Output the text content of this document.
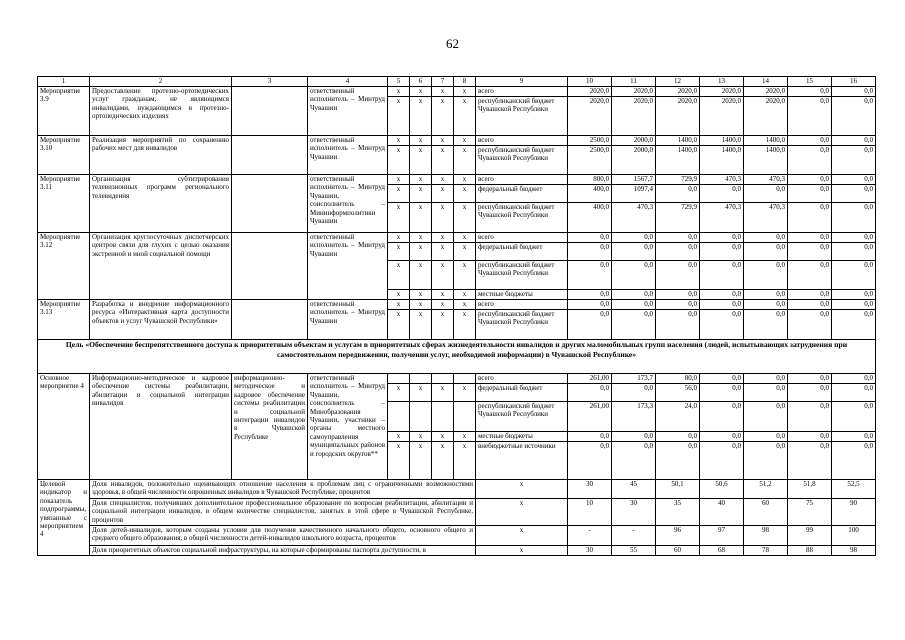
62
1	2	3	4	5	6	7	8	9	10	11	12	13	14	15	16
Мероприятие 3.9	Предоставление протезно-ортопедических услуг гражданам, не являющимся инвалидами, нуждающимся в протезно-ортопедических изделиях		ответственный исполнитель – Минтруд Чувашии	x	x	x	x	всего	2020,0	2020,0	2020,0	2020,0	2020,0	0,0	0,0
				x	x	x	x	республиканский бюджет Чувашской Республики	2020,0	2020,0	2020,0	2020,0	2020,0	0,0	0,0
Мероприятие 3.10	Реализация мероприятий по сохранению рабочих мест для инвалидов		ответственный исполнитель – Минтруд Чувашии	x	x	x	x	всего	2500,0	2000,0	1400,0	1400,0	1400,0	0,0	0,0
				x	x	x	x	республиканский бюджет Чувашской Республики	2500,0	2000,0	1400,0	1400,0	1400,0	0,0	0,0
Мероприятие 3.11	Организация субтитрирования телевизионных программ регионального телевидения		ответственный исполнитель – Минтруд Чувашии, соисполнитель – Мининформполитики Чувашии	x	x	x	x	всего	800,0	1567,7	729,9	470,3	470,3	0,0	0,0
				x	x	x	x	федеральный бюджет	400,0	1097,4	0,0	0,0	0,0	0,0	0,0
				x	x	x	x	республиканский бюджет Чувашской Республики	400,0	470,3	729,9	470,3	470,3	0,0	0,0
Мероприятие 3.12	Организация круглосуточных диспетчерских центров связи для глухих с целью оказания экстренной и иной социальной помощи		ответственный исполнитель – Минтруд Чувашии	x	x	x	x	всего	0,0	0,0	0,0	0,0	0,0	0,0	0,0
				x	x	x	x	федеральный бюджет	0,0	0,0	0,0	0,0	0,0	0,0	0,0
				x	x	x	x	республиканский бюджет Чувашской Республики	0,0	0,0	0,0	0,0	0,0	0,0	0,0
				x	x	x	x	местные бюджеты	0,0	0,0	0,0	0,0	0,0	0,0	0,0
Мероприятие 3.13	Разработка и внедрение информационного ресурса «Интерактивная карта доступности объектов и услуг Чувашской Республики»		ответственный исполнитель – Минтруд Чувашии	x	x	x	x	всего	0,0	0,0	0,0	0,0	0,0	0,0	0,0
				x	x	x	x	республиканский бюджет Чувашской Республики	0,0	0,0	0,0	0,0	0,0	0,0	0,0
Цель «Обеспечение беспрепятственного доступа к приоритетным объектам и услугам в приоритетных сферах жизнедеятельности инвалидов и других маломобильных групп населения (людей, испытывающих затруднения при самостоятельном передвижении, получении услуг, необходимой информации) в Чувашской Республике»															
Основное мероприятие 4	Информационно-методическое и кадровое обеспечение системы реабилитации, абилитации и социальной интеграции инвалидов	информационно-методическое и кадровое обеспечение системы реабилитации и социальной интеграции инвалидов в Чувашской Республике	ответственный исполнитель – Минтруд Чувашии, соисполнитель – Минобразования Чувашии, участники – органы местного самоуправления муниципальных районов и городских округов**					всего	261,00	173,7	80,0	0,0	0,0	0,0	0,0
				x	x	x	x	федеральный бюджет	0,0	0,0	56,0	0,0	0,0	0,0	0,0
								республиканский бюджет Чувашской Республики	261,00	173,3	24,0	0,0	0,0	0,0	0,0
				x	x	x	x	местные бюджеты	0,0	0,0	0,0	0,0	0,0	0,0	0,0
				x	x	x	x	внебюджетные источники	0,0	0,0	0,0	0,0	0,0	0,0	0,0
Целевой индикатор и показатель подпрограммы, увязанные с мероприятием 4	Доля инвалидов, положительно оценивающих отношение населения к проблемам лиц с ограниченными возможностями здоровья, в общей численности опрошенных инвалидов в Чувашской Республике, процентов							x	30	45	50,1	50,6	51,2	51,8	52,5
	Доля специалистов, получивших дополнительное профессиональное образование по вопросам реабилитации, абилитации и социальной интеграции инвалидов, в общем количестве специалистов, занятых в этой сфере в Чувашской Республике, процентов							x	10	30	35	40	60	75	90
	Доля детей-инвалидов, которым созданы условия для получения качественного начального общего, основного общего и среднего общего образования, в общей численности детей-инвалидов школьного возраста, процентов							x	-	-	96	97	98	99	100
	Доля приоритетных объектов социальной инфраструктуры, на которые сформированы паспорта доступности, в							x	30	55	60	68	78	88	98
